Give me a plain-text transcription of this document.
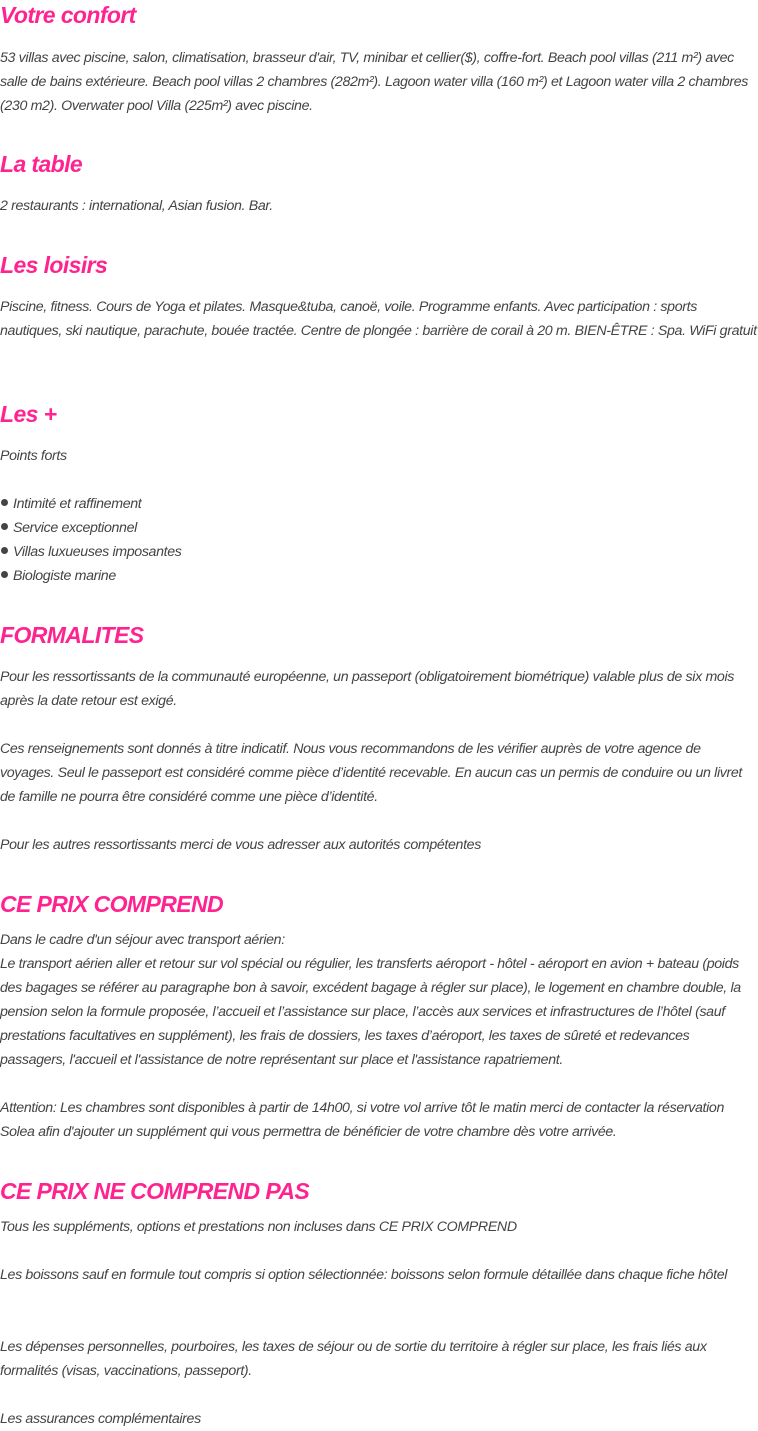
Votre confort

53 villas avec piscine, salon, climatisation, brasseur d'air, TV, minibar et cellier($), coffre-fort. Beach pool villas (211 m²) avec salle de bains extérieure. Beach pool villas 2 chambres (282m²). Lagoon water villa (160 m²) et Lagoon water villa 2 chambres (230 m2). Overwater pool Villa (225m²) avec piscine.

La table

2 restaurants : international, Asian fusion. Bar.

Les loisirs

Piscine, fitness. Cours de Yoga et pilates. Masque&tuba, canoë, voile. Programme enfants. Avec participation : sports nautiques, ski nautique, parachute, bouée tractée. Centre de plongée : barrière de corail à 20 m. BIEN-ÊTRE : Spa. WiFi gratuit

Les +

Points forts

Intimité et raffinement
Service exceptionnel
Villas luxueuses imposantes
Biologiste marine
FORMALITES

Pour les ressortissants de la communauté européenne, un passeport (obligatoirement biométrique) valable plus de six mois après la date retour est exigé.

Ces renseignements sont donnés à titre indicatif. Nous vous recommandons de les vérifier auprès de votre agence de voyages. Seul le passeport est considéré comme pièce d’identité recevable. En aucun cas un permis de conduire ou un livret de famille ne pourra être considéré comme une pièce d’identité.

Pour les autres ressortissants merci de vous adresser aux autorités compétentes

CE PRIX COMPREND

Dans le cadre d'un séjour avec transport aérien:

Le transport aérien aller et retour sur vol spécial ou régulier, les transferts aéroport - hôtel - aéroport en avion + bateau (poids des bagages se référer au paragraphe bon à savoir, excédent bagage à régler sur place), le logement en chambre double, la pension selon la formule proposée, l’accueil et l’assistance sur place, l’accès aux services et infrastructures de l’hôtel (sauf prestations facultatives en supplément), les frais de dossiers, les taxes d’aéroport, les taxes de sûreté et redevances passagers, l'accueil et l'assistance de notre représentant sur place et l'assistance rapatriement.

Attention: Les chambres sont disponibles à partir de 14h00, si votre vol arrive tôt le matin merci de contacter la réservation Solea afin d'ajouter un supplément qui vous permettra de bénéficier de votre chambre dès votre arrivée.

CE PRIX NE COMPREND PAS

Tous les suppléments, options et prestations non incluses dans CE PRIX COMPREND

Les boissons sauf en formule tout compris si option sélectionnée: boissons selon formule détaillée dans chaque fiche hôtel

Les dépenses personnelles, pourboires, les taxes de séjour ou de sortie du territoire à régler sur place, les frais liés aux formalités (visas, vaccinations, passeport).

Les assurances complémentaires
